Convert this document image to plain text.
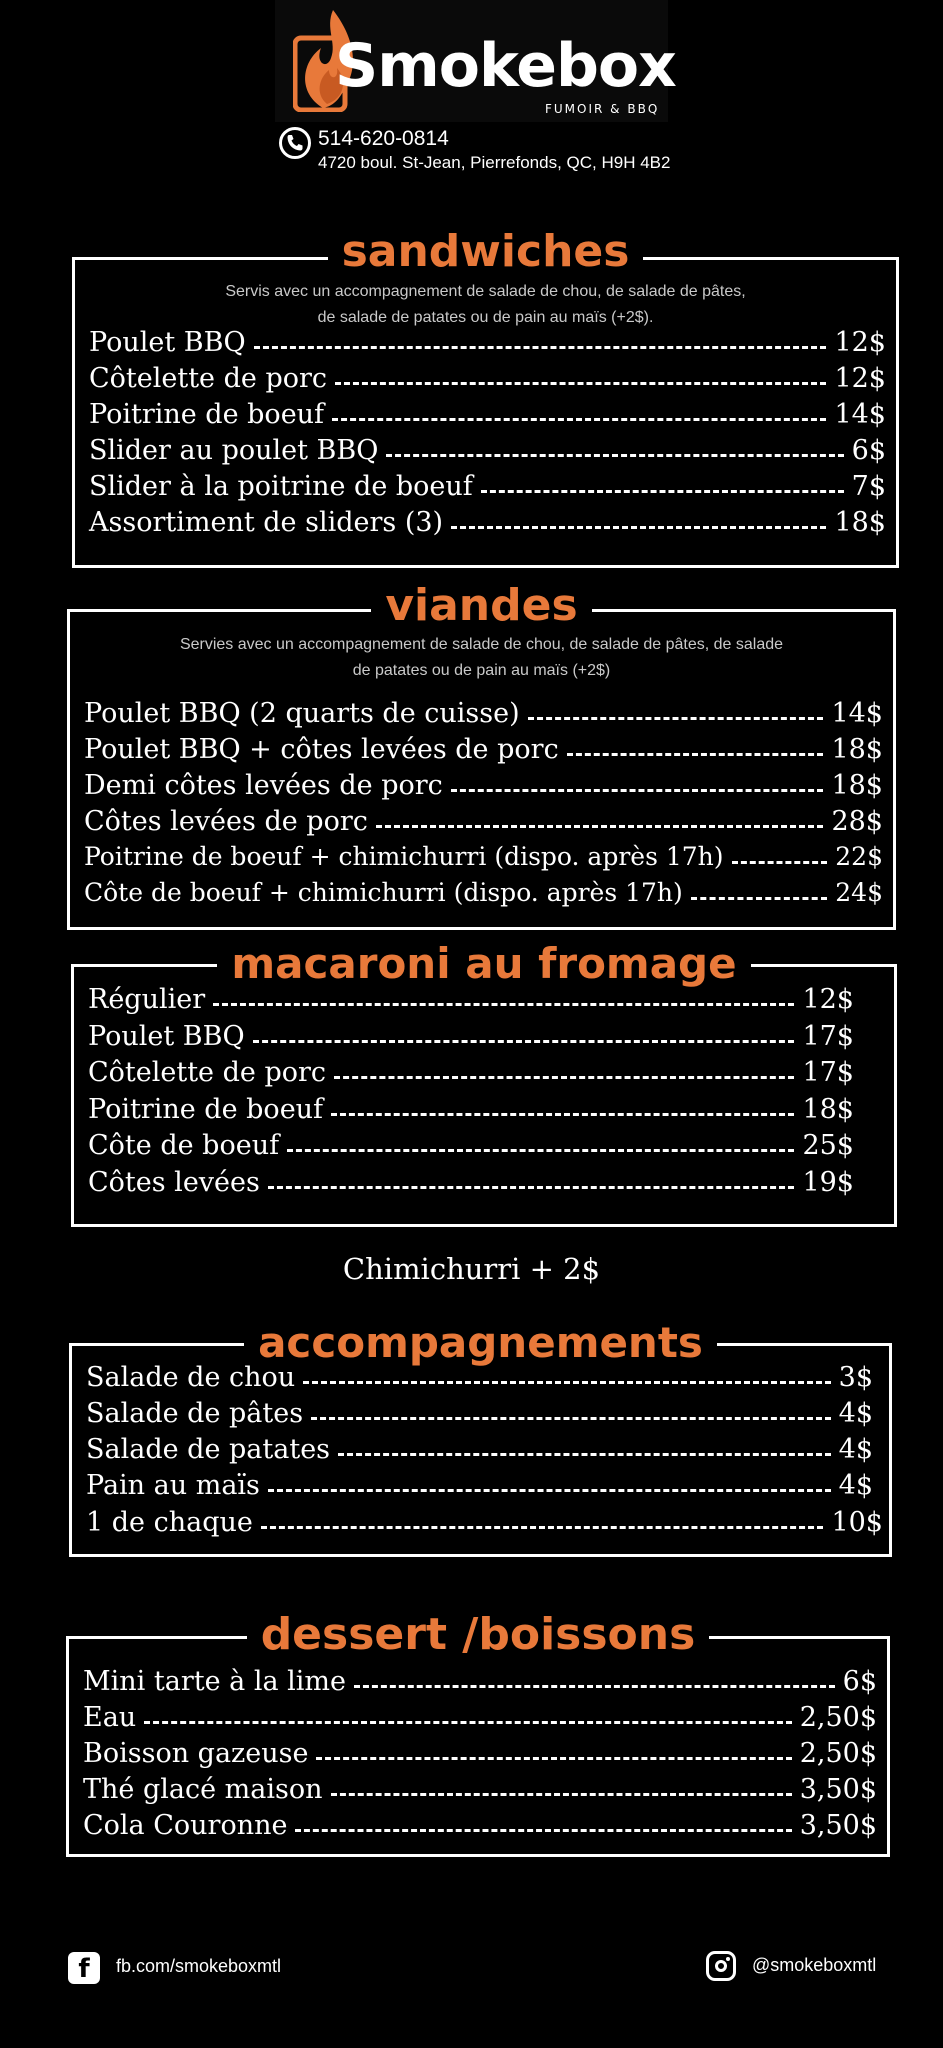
Smokebox
FUMOIR & BBQ
514-620-0814
4720 boul. St-Jean, Pierrefonds, QC, H9H 4B2
sandwiches
Servis avec un accompagnement de salade de chou, de salade de pâtes,
de salade de patates ou de pain au maïs (+2$).
Poulet BBQ	12$
Côtelette de porc	12$
Poitrine de boeuf	14$
Slider au poulet BBQ	6$
Slider à la poitrine de boeuf	7$
Assortiment de sliders (3)	18$
viandes
Servies avec un accompagnement de salade de chou, de salade de pâtes, de salade
de patates ou de pain au maïs (+2$)
Poulet BBQ (2 quarts de cuisse)	14$
Poulet BBQ + côtes levées de porc	18$
Demi côtes levées de porc	18$
Côtes levées de porc	28$
Poitrine de boeuf + chimichurri (dispo. après 17h)	22$
Côte de boeuf + chimichurri (dispo. après 17h)	24$
macaroni au fromage
Régulier	12$
Poulet BBQ	17$
Côtelette de porc	17$
Poitrine de boeuf	18$
Côte de boeuf	25$
Côtes levées	19$
Chimichurri + 2$
accompagnements
Salade de chou	3$
Salade de pâtes	4$
Salade de patates	4$
Pain au maïs	4$
1 de chaque	10$
dessert /boissons
Mini tarte à la lime	6$
Eau	2,50$
Boisson gazeuse	2,50$
Thé glacé maison	3,50$
Cola Couronne	3,50$
f	fb.com/smokeboxmtl	@smokeboxmtl
